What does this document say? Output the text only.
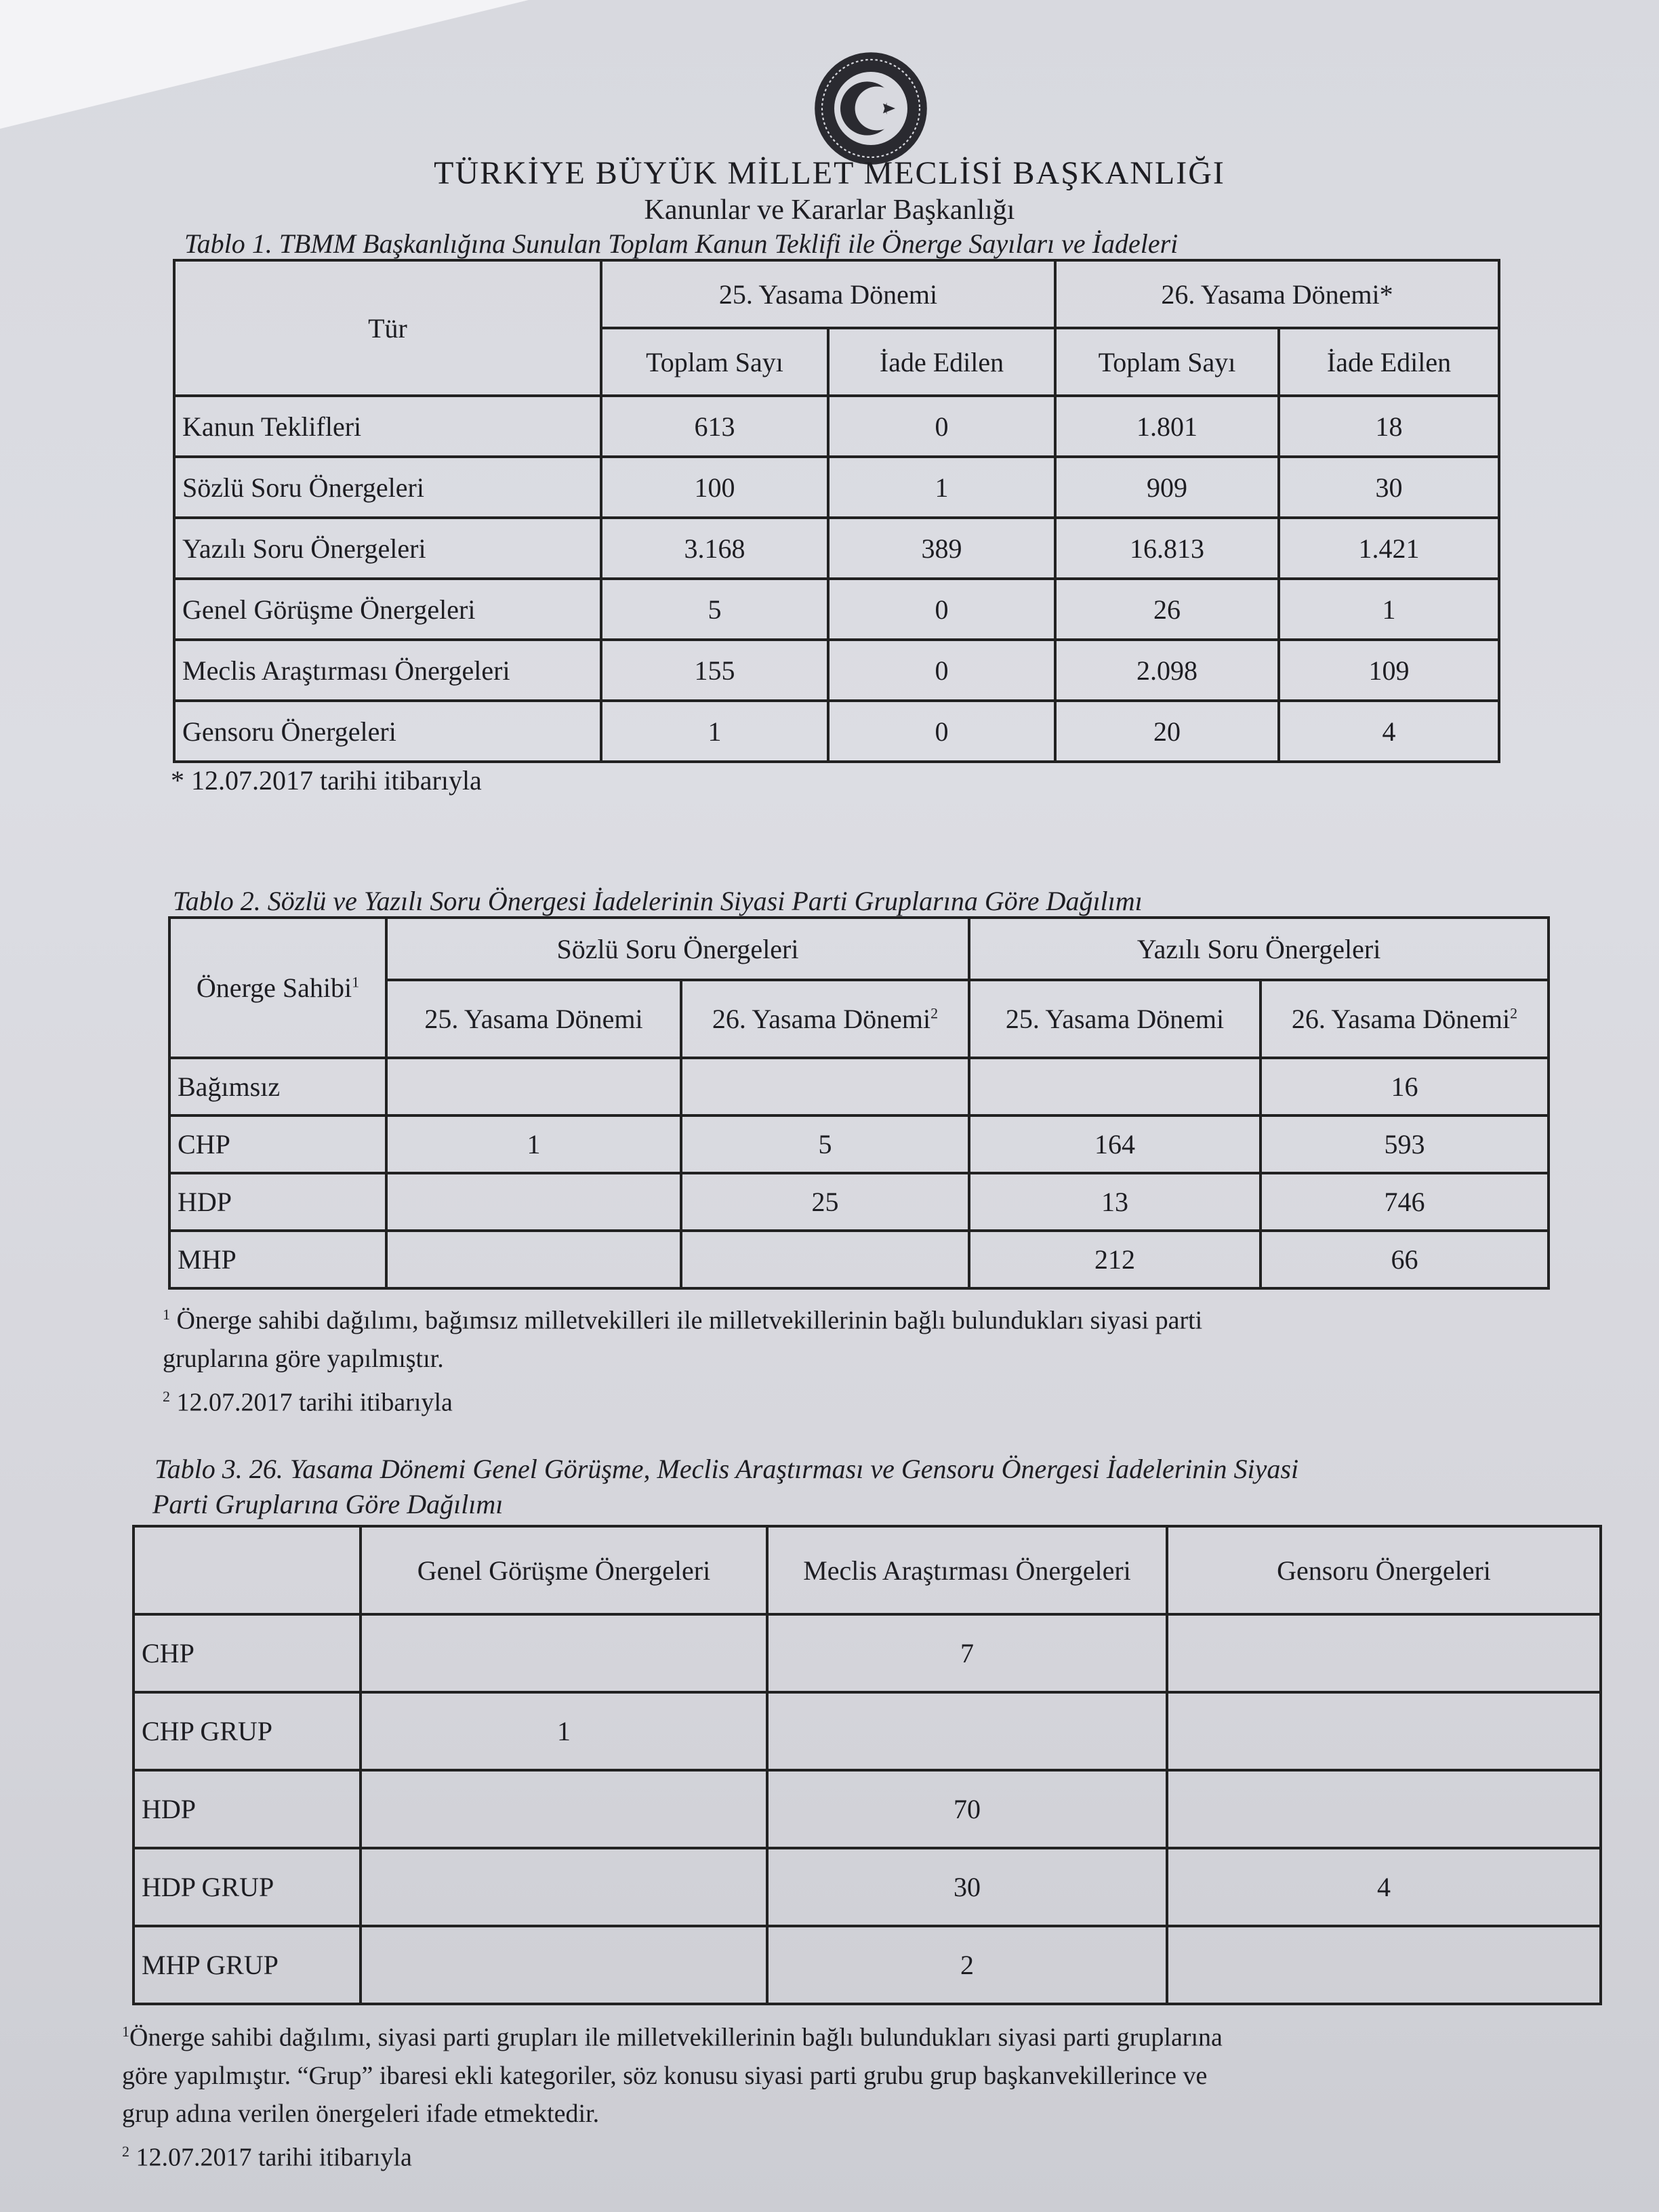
TÜRKİYE BÜYÜK MİLLET MECLİSİ BAŞKANLIĞI
Kanunlar ve Kararlar Başkanlığı
Tablo 1. TBMM Başkanlığına Sunulan Toplam Kanun Teklifi ile Önerge Sayıları ve İadeleri
Tür	25. Yasama Dönemi		26. Yasama Dönemi*	
	Toplam Sayı	İade Edilen	Toplam Sayı	İade Edilen
Kanun Teklifleri	613	0	1.801	18
Sözlü Soru Önergeleri	100	1	909	30
Yazılı Soru Önergeleri	3.168	389	16.813	1.421
Genel Görüşme Önergeleri	5	0	26	1
Meclis Araştırması Önergeleri	155	0	2.098	109
Gensoru Önergeleri	1	0	20	4
* 12.07.2017 tarihi itibarıyla
Tablo 2. Sözlü ve Yazılı Soru Önergesi İadelerinin Siyasi Parti Gruplarına Göre Dağılımı
Önerge Sahibi$^1$	Sözlü Soru Önergeleri		Yazılı Soru Önergeleri	
	25. Yasama Dönemi	26. Yasama Dönemi$^2$	25. Yasama Dönemi	26. Yasama Dönemi$^2$
Bağımsız				16
CHP	1	5	164	593
HDP		25	13	746
MHP			212	66
$^1$ Önerge sahibi dağılımı, bağımsız milletvekilleri ile milletvekillerinin bağlı bulundukları siyasi parti
gruplarına göre yapılmıştır.
$^2$ 12.07.2017 tarihi itibarıyla
Tablo 3. 26. Yasama Dönemi Genel Görüşme, Meclis Araştırması ve Gensoru Önergesi İadelerinin Siyasi
Parti Gruplarına Göre Dağılımı
	Genel Görüşme Önergeleri	Meclis Araştırması Önergeleri	Gensoru Önergeleri
CHP		7	
CHP GRUP	1		
HDP		70	
HDP GRUP		30	4
MHP GRUP		2	
$^1$Önerge sahibi dağılımı, siyasi parti grupları ile milletvekillerinin bağlı bulundukları siyasi parti gruplarına
göre yapılmıştır. “Grup” ibaresi ekli kategoriler, söz konusu siyasi parti grubu grup başkanvekillerince ve
grup adına verilen önergeleri ifade etmektedir.
$^2$ 12.07.2017 tarihi itibarıyla
